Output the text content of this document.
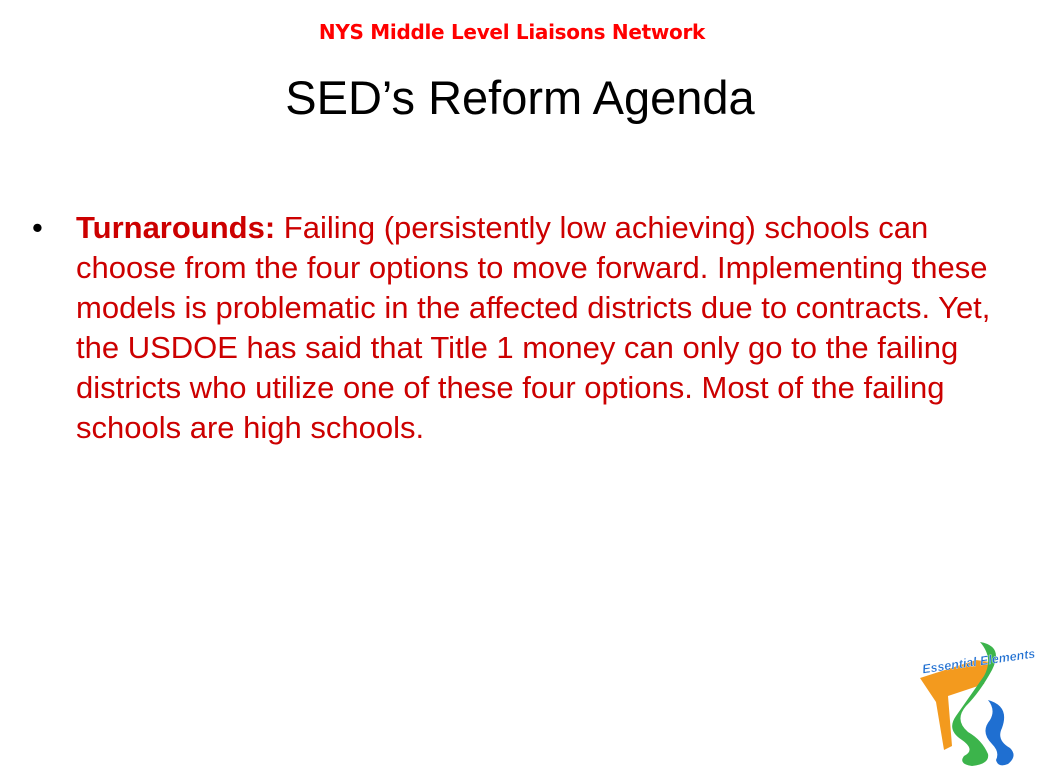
NYS Middle Level Liaisons Network
SED’s Reform Agenda
•	Turnarounds: Failing (persistently low achieving) schools can choose from the four options to move forward. Implementing these models is problematic in the affected districts due to contracts. Yet, the USDOE has said that Title 1 money can only go to the failing districts who utilize one of these four options. Most of the failing schools are high schools.
Essential Elements
